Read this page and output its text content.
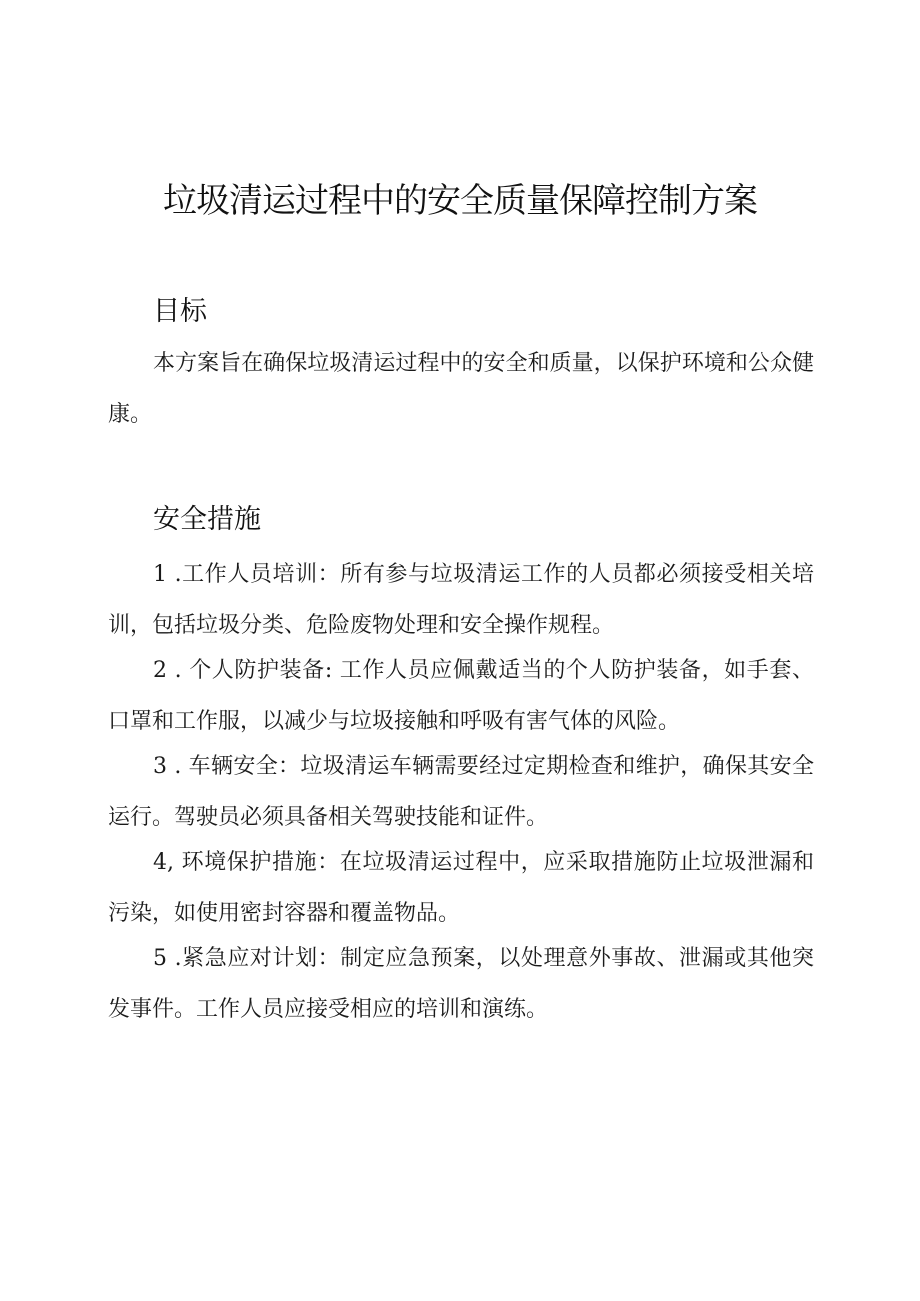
垃圾清运过程中的安全质量保障控制方案
目标

本方案旨在确保垃圾清运过程中的安全和质量，以保护环境和公众健康。

安全措施

1 .工作人员培训：所有参与垃圾清运工作的人员都必须接受相关培训，包括垃圾分类、危险废物处理和安全操作规程。

2 . 个人防护装备: 工作人员应佩戴适当的个人防护装备，如手套、口罩和工作服，以减少与垃圾接触和呼吸有害气体的风险。

3 . 车辆安全：垃圾清运车辆需要经过定期检查和维护，确保其安全运行。驾驶员必须具备相关驾驶技能和证件。

4, 环境保护措施：在垃圾清运过程中，应采取措施防止垃圾泄漏和污染，如使用密封容器和覆盖物品。

5 .紧急应对计划：制定应急预案，以处理意外事故、泄漏或其他突发事件。工作人员应接受相应的培训和演练。
